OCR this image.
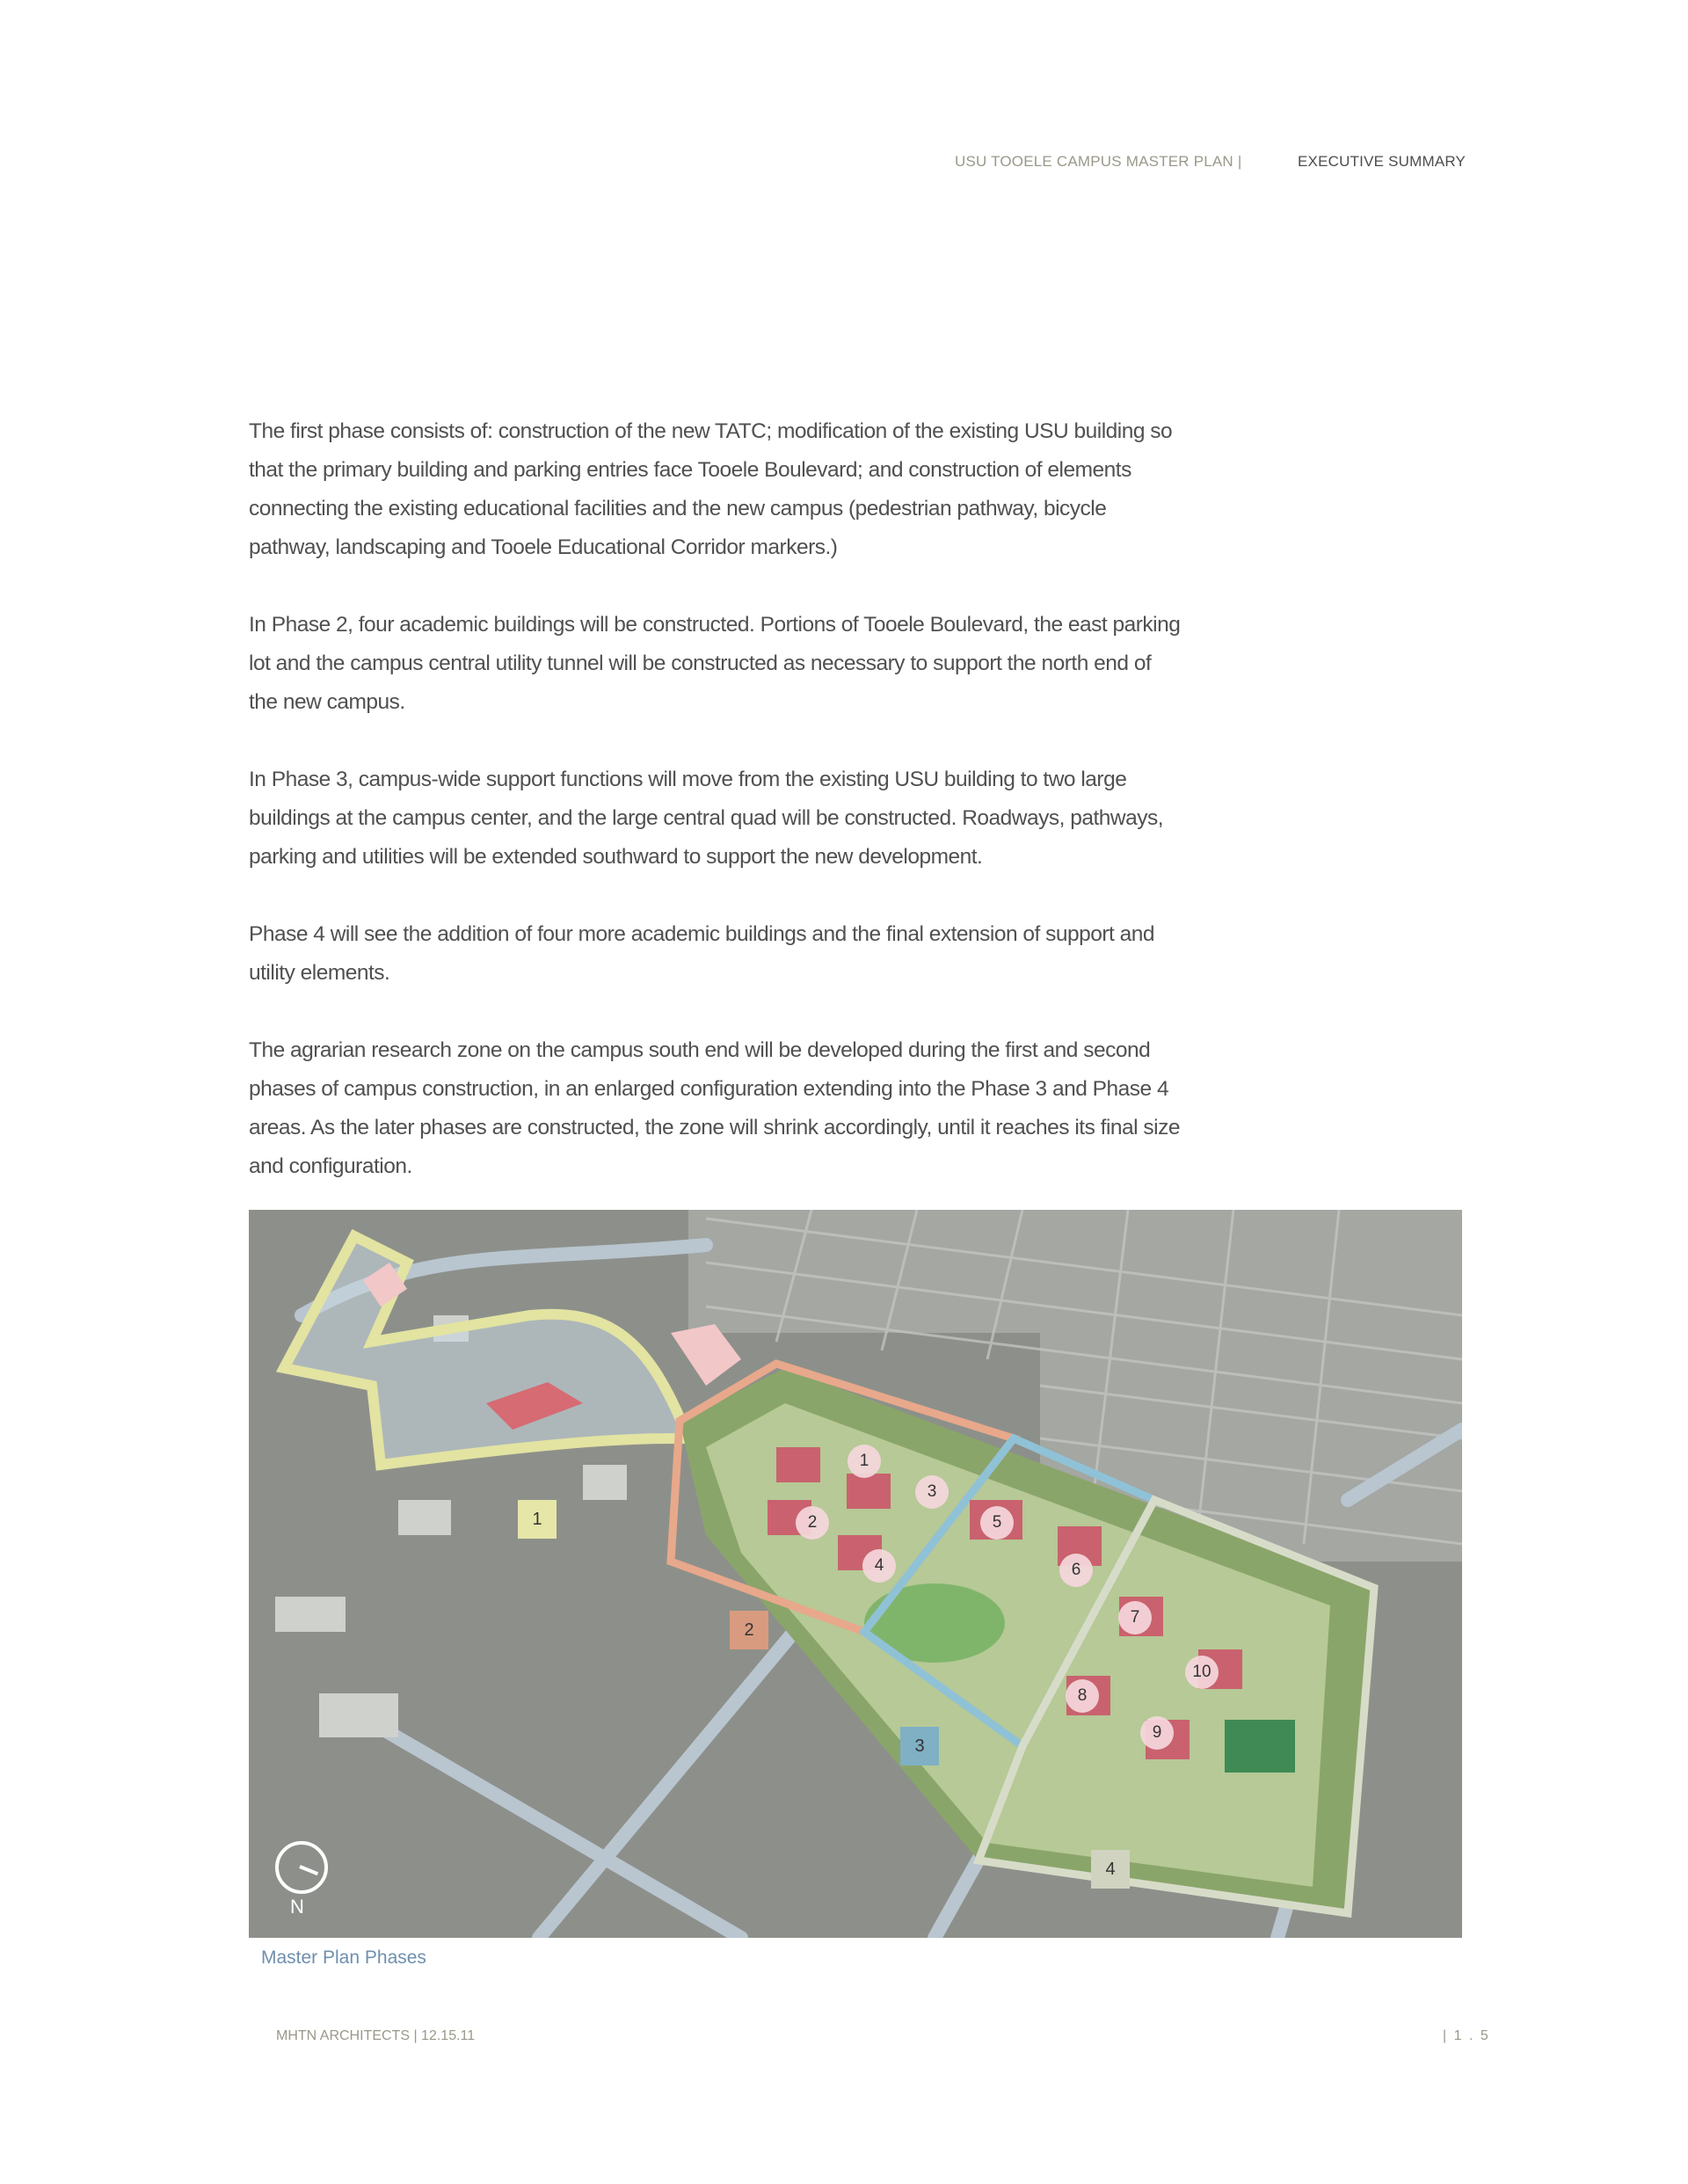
USU TOOELE CAMPUS MASTER PLAN |	EXECUTIVE SUMMARY

The first phase consists of: construction of the new TATC; modification of the existing USU building so that the primary building and parking entries face Tooele Boulevard; and construction of elements connecting the existing educational facilities and the new campus (pedestrian pathway, bicycle pathway, landscaping and Tooele Educational Corridor markers.)

In Phase 2, four academic buildings will be constructed. Portions of Tooele Boulevard, the east parking lot and the campus central utility tunnel will be constructed as necessary to support the north end of the new campus.

In Phase 3, campus-wide support functions will move from the existing USU building to two large buildings at the campus center, and the large central quad will be constructed. Roadways, pathways, parking and utilities will be extended southward to support the new development.

Phase 4 will see the addition of four more academic buildings and the final extension of support and utility elements.

The agrarian research zone on the campus south end will be developed during the first and second phases of campus construction, in an enlarged configuration extending into the Phase 3 and Phase 4 areas. As the later phases are constructed, the zone will shrink accordingly, until it reaches its final size and configuration.

N
1
2
3
4
1
2
3
4
5
6
7
8
9
10
Master Plan Phases
MHTN ARCHITECTS | 12.15.11	| 1 . 5
